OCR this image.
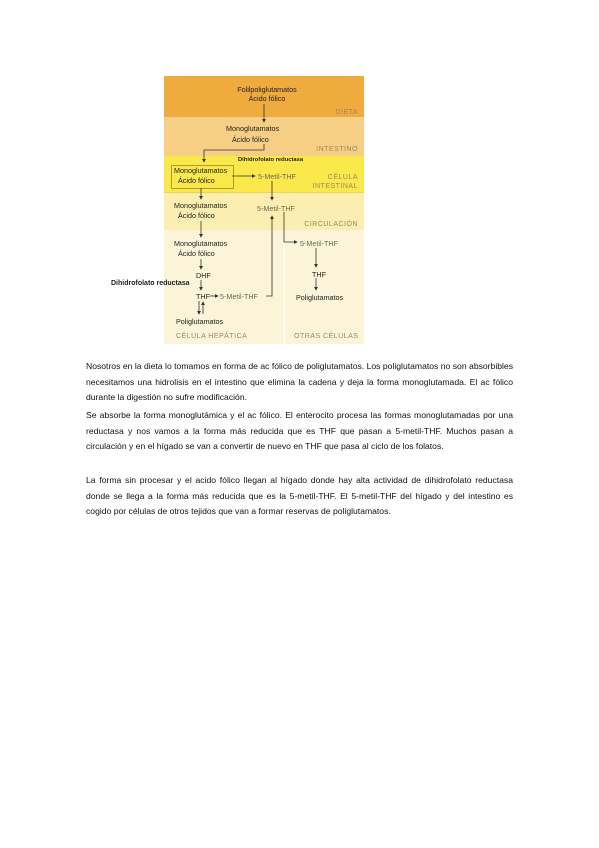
DIETA
INTESTINO
CÉLULA
INTESTINAL
CIRCULACIÓN
CÉLULA HEPÁTICA	OTRAS CÉLULAS
Folilpoliglutamatos
Ácido fólico
Monoglutamatos
Ácido fólico
Dihidrofolato reductasa
Monoglutamatos
Ácido fólico	5-Metil-THF
Monoglutamatos
Ácido fólico
5-Metil-THF
Monoglutamatos
Ácido fólico
DHF
Dihidrofolato reductasa
THF 5-Metil-THF
Poliglutamatos
5-Metil-THF
THF
Poliglutamatos
Nosotros en la dieta lo tomamos en forma de ac fólico de poliglutamatos. Los poliglutamatos no son absorbibles necesitamos una hidrolisis en el intestino que elimina la cadena y deja la forma monoglutamada. El ac fólico durante la digestión no sufre modificación.
Se absorbe la forma monoglutámica y el ac fólico. El enterocito procesa las formas monoglutamadas por una reductasa y nos vamos a la forma más reducida que es THF que pasan a 5-metil-THF. Muchos pasan a circulación y en el hígado se van a convertir de nuevo en THF que pasa al ciclo de los folatos.
La forma sin procesar y el acido fólico llegan al hígado donde hay alta actividad de dihidrofolato reductasa donde se llega a la forma más reducida que es la 5-metil-THF. El 5-metil-THF del hígado y del intestino es cogido por células de otros tejidos que van a formar reservas de poliglutamatos.
